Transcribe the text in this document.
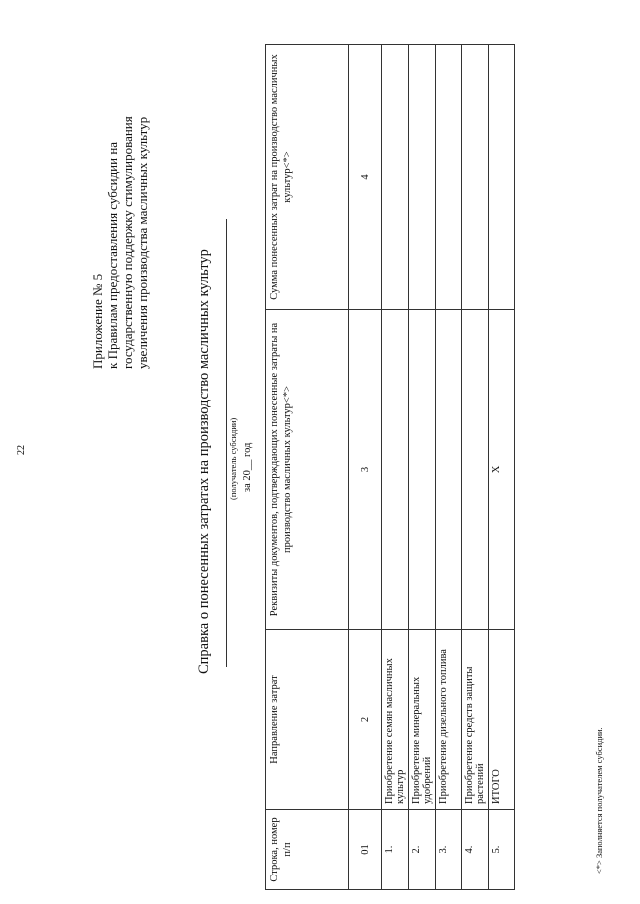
22
Приложение № 5 к Правилам предоставления субсидии на государственную поддержку стимулирования увеличения производства масличных культур
Справка о понесенных затратах на производство масличных культур (получатель субсидии) за 20__ год
Строка, номер п/п	Направление затрат	Реквизиты документов, подтверждающих понесенные затраты на производство масличных культур<*>	Сумма понесенных затрат на производство масличных культур<*>
01	2	3	4
1.	Приобретение семян масличных культур		
2.	Приобретение минеральных удобрений		
3.	Приобретение дизельного топлива		
4.	Приобретение средств защиты растений		
5.	ИТОГО	Х	
<*> Заполняется получателем субсидии.
